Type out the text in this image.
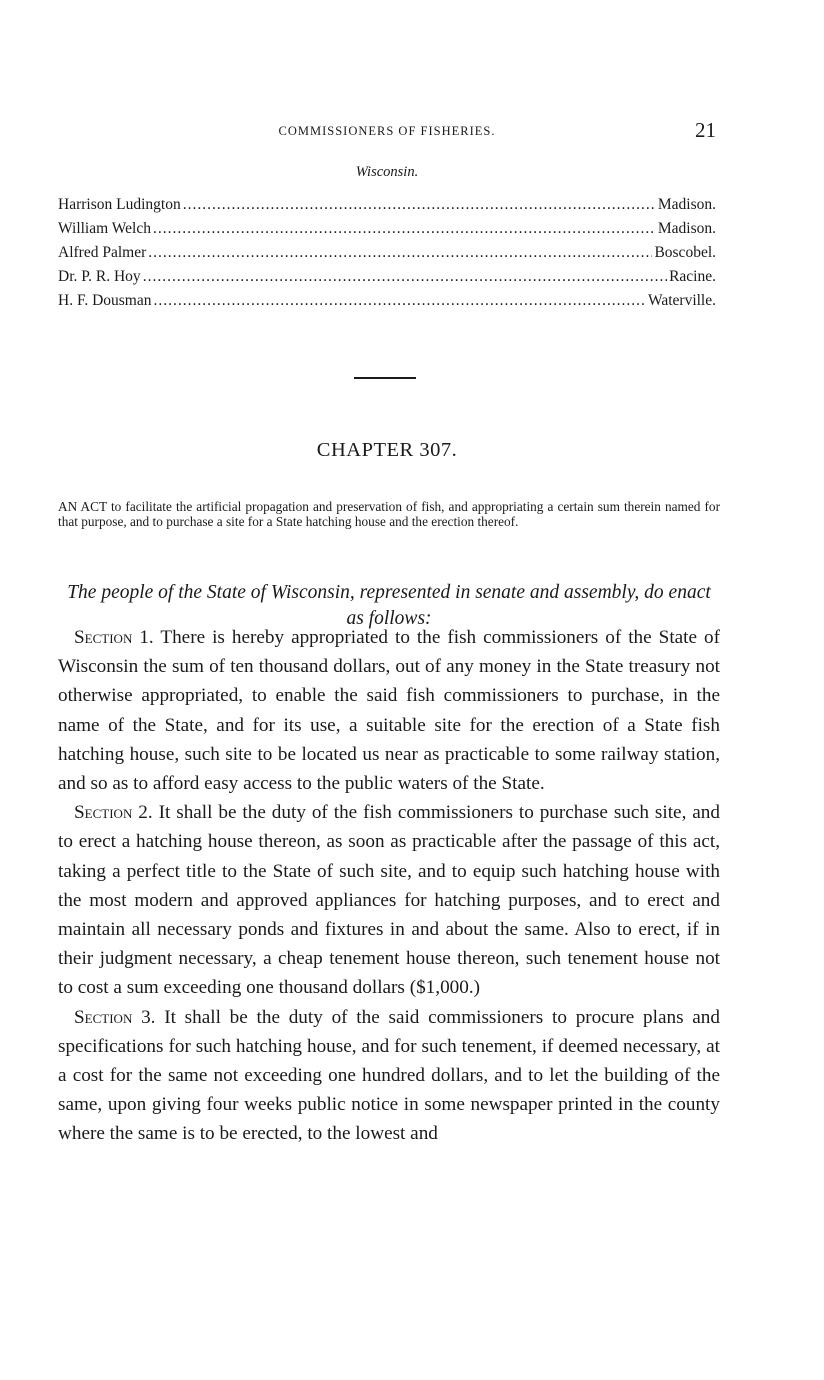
COMMISSIONERS OF FISHERIES.	21
Wisconsin.
Harrison Ludington .....	Madison.
William Welch .....	Madison.
Alfred Palmer .....	Boscobel.
Dr. P. R. Hoy .....	Racine.
H. F. Dousman .....	Waterville.
CHAPTER 307.

AN ACT to facilitate the artificial propagation and preservation of fish, and appropriating a certain sum therein named for that purpose, and to purchase a site for a State hatching house and the erection thereof.

The people of the State of Wisconsin, represented in senate and assembly, do enact as follows:

Section 1. There is hereby appropriated to the fish commissioners of the State of Wisconsin the sum of ten thousand dollars, out of any money in the State treasury not otherwise appropriated, to enable the said fish commissioners to purchase, in the name of the State, and for its use, a suitable site for the erection of a State fish hatching house, such site to be located us near as practicable to some railway station, and so as to afford easy access to the public waters of the State.

Section 2. It shall be the duty of the fish commissioners to purchase such site, and to erect a hatching house thereon, as soon as practicable after the passage of this act, taking a perfect title to the State of such site, and to equip such hatching house with the most modern and approved appliances for hatching purposes, and to erect and maintain all necessary ponds and fixtures in and about the same. Also to erect, if in their judgment necessary, a cheap tenement house thereon, such tenement house not to cost a sum exceeding one thousand dollars ($1,000.)

Section 3. It shall be the duty of the said commissioners to procure plans and specifications for such hatching house, and for such tenement, if deemed necessary, at a cost for the same not exceeding one hundred dollars, and to let the building of the same, upon giving four weeks public notice in some newspaper printed in the county where the same is to be erected, to the lowest and
